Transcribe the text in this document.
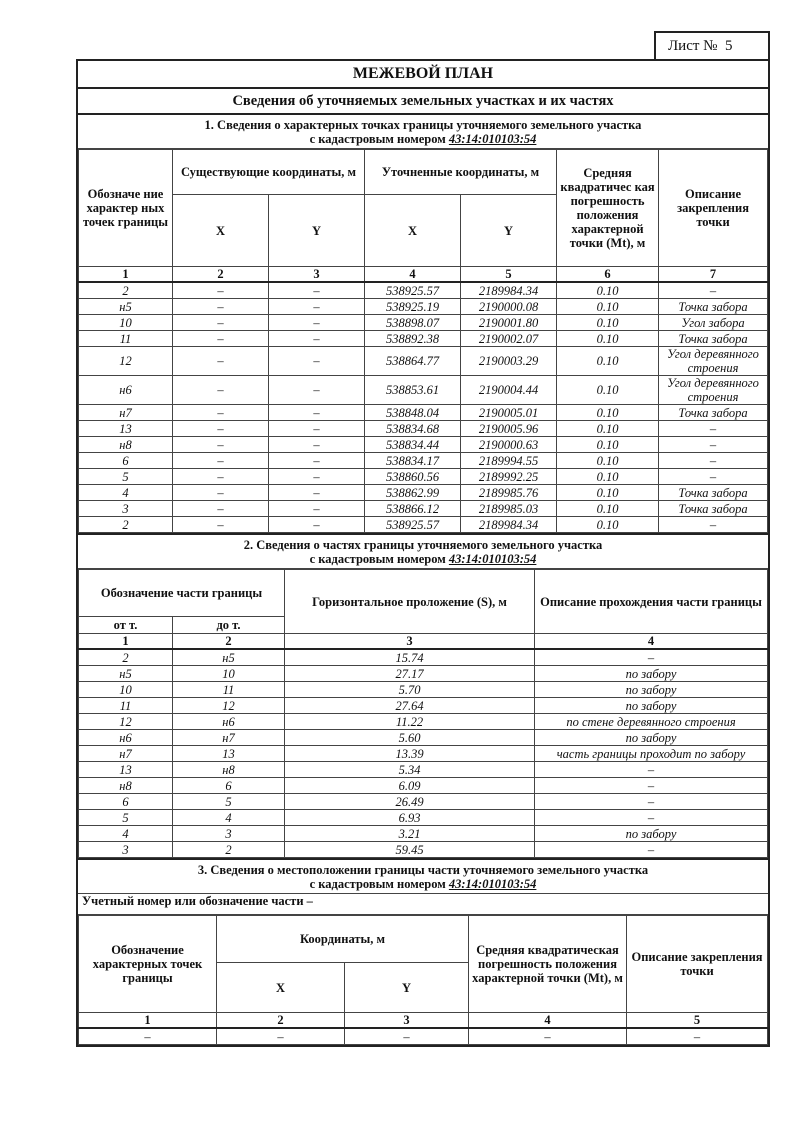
Лист № 5
МЕЖЕВОЙ ПЛАН
Сведения об уточняемых земельных участках и их частях
1. Сведения о характерных точках границы уточняемого земельного участка
с кадастровым номером 43:14:010103:54
Обозначе ние характер ных точек границы	Существующие координаты, м		Уточненные координаты, м		Средняя квадратичес кая погрешность положения характерной точки (Mt), м	Описание закрепления точки
	X	Y	X	Y		
1	2	3	4	5	6	7
2	–	–	538925.57	2189984.34	0.10	–
н5	–	–	538925.19	2190000.08	0.10	Точка забора
10	–	–	538898.07	2190001.80	0.10	Угол забора
11	–	–	538892.38	2190002.07	0.10	Точка забора
12	–	–	538864.77	2190003.29	0.10	Угол деревянного строения
н6	–	–	538853.61	2190004.44	0.10	Угол деревянного строения
н7	–	–	538848.04	2190005.01	0.10	Точка забора
13	–	–	538834.68	2190005.96	0.10	–
н8	–	–	538834.44	2190000.63	0.10	–
6	–	–	538834.17	2189994.55	0.10	–
5	–	–	538860.56	2189992.25	0.10	–
4	–	–	538862.99	2189985.76	0.10	Точка забора
3	–	–	538866.12	2189985.03	0.10	Точка забора
2	–	–	538925.57	2189984.34	0.10	–
2. Сведения о частях границы уточняемого земельного участка
с кадастровым номером 43:14:010103:54
Обозначение части границы		Горизонтальное проложение (S), м	Описание прохождения части границы
от т.	до т.		
1	2	3	4
2	н5	15.74	–
н5	10	27.17	по забору
10	11	5.70	по забору
11	12	27.64	по забору
12	н6	11.22	по стене деревянного строения
н6	н7	5.60	по забору
н7	13	13.39	часть границы проходит по забору
13	н8	5.34	–
н8	6	6.09	–
6	5	26.49	–
5	4	6.93	–
4	3	3.21	по забору
3	2	59.45	–
3. Сведения о местоположении границы части уточняемого земельного участка
с кадастровым номером 43:14:010103:54
Учетный номер или обозначение части –
Обозначение характерных точек границы	Координаты, м		Средняя квадратическая погрешность положения характерной точки (Mt), м	Описание закрепления точки
	X	Y		
1	2	3	4	5
–	–	–	–	–
